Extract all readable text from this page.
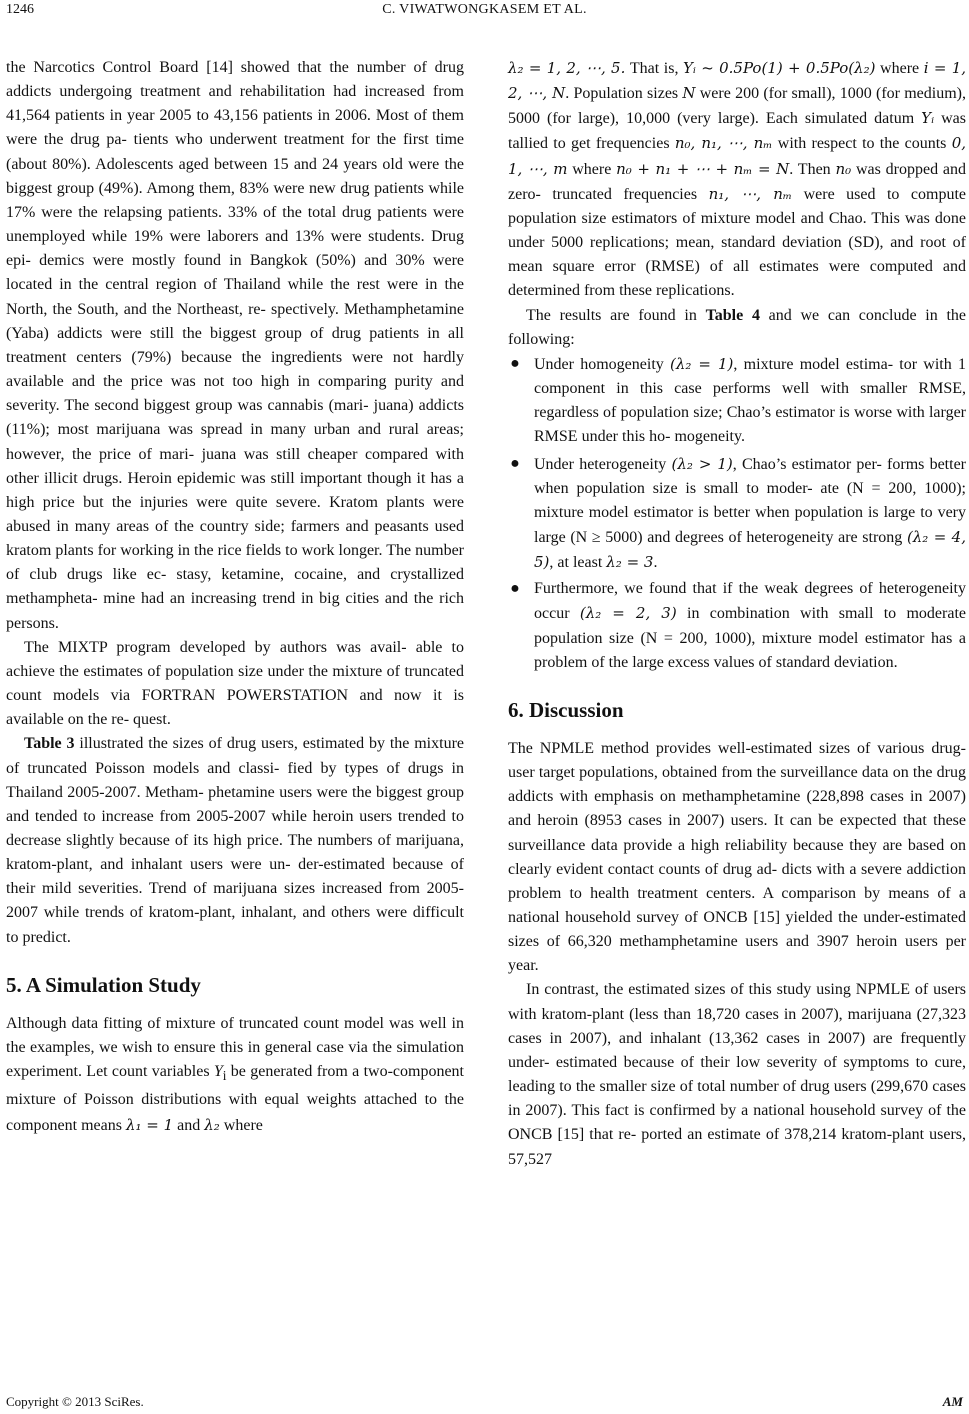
1246	C. VIWATWONGKASEM ET AL.

the Narcotics Control Board [14] showed that the number of drug addicts undergoing treatment and rehabilitation had increased from 41,564 patients in year 2005 to 43,156 patients in 2006. Most of them were the drug pa- tients who underwent treatment for the first time (about 80%). Adolescents aged between 15 and 24 years old were the biggest group (49%). Among them, 83% were new drug patients while 17% were the relapsing patients. 33% of the total drug patients were unemployed while 19% were laborers and 13% were students. Drug epi- demics were mostly found in Bangkok (50%) and 30% were located in the central region of Thailand while the rest were in the North, the South, and the Northeast, re- spectively. Methamphetamine (Yaba) addicts were still the biggest group of drug patients in all treatment centers (79%) because the ingredients were not hardly available and the price was not too high in comparing purity and severity. The second biggest group was cannabis (mari- juana) addicts (11%); most marijuana was spread in many urban and rural areas; however, the price of mari- juana was still cheaper compared with other illicit drugs. Heroin epidemic was still important though it has a high price but the injuries were quite severe. Kratom plants were abused in many areas of the country side; farmers and peasants used kratom plants for working in the rice fields to work longer. The number of club drugs like ec- stasy, ketamine, cocaine, and crystallized methampheta- mine had an increasing trend in big cities and the rich persons.

The MIXTP program developed by authors was avail- able to achieve the estimates of population size under the mixture of truncated count models via FORTRAN POWERSTATION and now it is available on the re- quest.

Table 3 illustrated the sizes of drug users, estimated by the mixture of truncated Poisson models and classi- fied by types of drugs in Thailand 2005-2007. Metham- phetamine users were the biggest group and tended to increase from 2005-2007 while heroin users trended to decrease slightly because of its high price. The numbers of marijuana, kratom-plant, and inhalant users were un- der-estimated because of their mild severities. Trend of marijuana sizes increased from 2005-2007 while trends of kratom-plant, inhalant, and others were difficult to predict.

5. A Simulation Study

Although data fitting of mixture of truncated count model was well in the examples, we wish to ensure this in general case via the simulation experiment. Let count variables $Y_i$ be generated from a two-component mixture of Poisson distributions with equal weights attached to the component means λ₁ = 1 and λ₂ where

λ₂ = 1, 2, ⋯, 5. That is, Yᵢ ~ 0.5Po(1) + 0.5Po(λ₂) where i = 1, 2, ⋯, N. Population sizes N were 200 (for small), 1000 (for medium), 5000 (for large), 10,000 (very large). Each simulated datum Yᵢ was tallied to get frequencies n₀, n₁, ⋯, nₘ with respect to the counts 0, 1, ⋯, m where n₀ + n₁ + ⋯ + nₘ = N. Then n₀ was dropped and zero- truncated frequencies n₁, ⋯, nₘ were used to compute population size estimators of mixture model and Chao. This was done under 5000 replications; mean, standard deviation (SD), and root of mean square error (RMSE) of all estimates were computed and determined from these replications.

The results are found in Table 4 and we can conclude in the following:

● Under homogeneity (λ₂ = 1), mixture model estima- tor with 1 component in this case performs well with smaller RMSE, regardless of population size; Chao’s estimator is worse with larger RMSE under this ho- mogeneity.
● Under heterogeneity (λ₂ > 1), Chao’s estimator per- forms better when population size is small to moder- ate (N = 200, 1000); mixture model estimator is better when population is large to very large (N ≥ 5000) and degrees of heterogeneity are strong (λ₂ = 4, 5), at least λ₂ = 3.
● Furthermore, we found that if the weak degrees of heterogeneity occur (λ₂ = 2, 3) in combination with small to moderate population size (N = 200, 1000), mixture model estimator has a problem of the large excess values of standard deviation.
6. Discussion

The NPMLE method provides well-estimated sizes of various drug-user target populations, obtained from the surveillance data on the drug addicts with emphasis on methamphetamine (228,898 cases in 2007) and heroin (8953 cases in 2007) users. It can be expected that these surveillance data provide a high reliability because they are based on clearly evident contact counts of drug ad- dicts with a severe addiction problem to health treatment centers. A comparison by means of a national household survey of ONCB [15] yielded the under-estimated sizes of 66,320 methamphetamine users and 3907 heroin users per year.

In contrast, the estimated sizes of this study using NPMLE of users with kratom-plant (less than 18,720 cases in 2007), marijuana (27,323 cases in 2007), and inhalant (13,362 cases in 2007) are frequently under- estimated because of their low severity of symptoms to cure, leading to the smaller size of total number of drug users (299,670 cases in 2007). This fact is confirmed by a national household survey of the ONCB [15] that re- ported an estimate of 378,214 kratom-plant users, 57,527

Copyright © 2013 SciRes.	AM
